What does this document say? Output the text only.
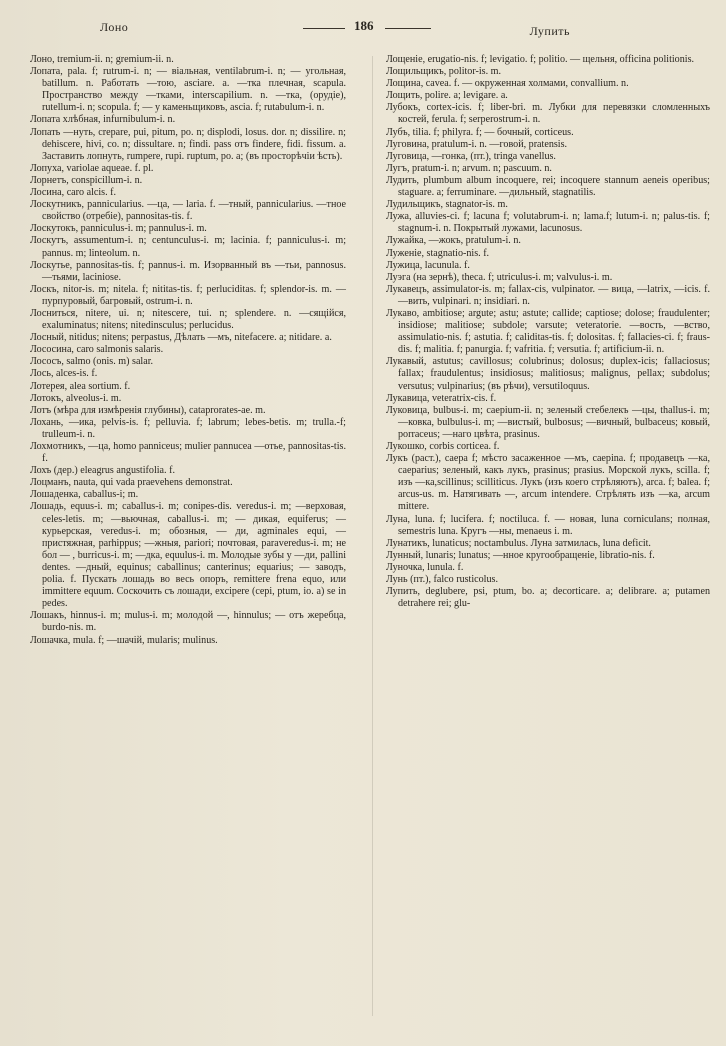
Лоно	186	Лупить
Лоно, tremium-ii. n; gremium-ii. n.
Лопата, pala. f; rutrum-i. n; — віальная, ventilabrum-i. n; — угольная, batillum. n. Работать —тою, asciare. a. —тка плечная, scapula. Пространство между —тками, interscapilium. n. —тка, (орудіе), rutellum-i. n; scopula. f; — у каменьщиковъ, ascia. f; rutabulum-i. n.
Лопата хлѣбная, infurnibulum-i. n.
Лопать —нуть, crepare, pui, pitum, po. n; displodi, losus. dor. n; dissilire. n; dehiscere, hivi, co. n; dissultare. n; findi. pass отъ findere, fidi. fissum. a. Заставить лопнуть, rumpere, rupi. ruptum, po. a; (въ просторѣчіи ѣсть).
Лопуха, variolae aqueae. f. pl.
Лорнетъ, conspicillum-i. n.
Лосина, caro alcis. f.
Лоскутникъ, pannicularius. —ца, — laria. f. —тный, pannicularius. —тное свойство (отребіе), pannositas-tis. f.
Лоскутокъ, panniculus-i. m; pannulus-i. m.
Лоскутъ, assumentum-i. n; centunculus-i. m; lacinia. f; panniculus-i. m; pannus. m; linteolum. n.
Лоскутье, pannositas-tis. f; pannus-i. m. Изорванный въ —тьи, pannosus. —тьями, laciniose.
Лоскъ, nitor-is. m; nitela. f; nititas-tis. f; perluciditas. f; splendor-is. m. —пурпуровый, багровый, ostrum-i. n.
Лосниться, nitere, ui. n; nitescere, tui. n; splendere. n. —сящійся, exaluminatus; nitens; nitedinsculus; perlucidus.
Лосный, nitidus; nitens; perpastus, Дѣлать —мъ, nitefacere. a; nitidare. a.
Лососина, caro salmonis salaris.
Лососъ, salmo (onis. m) salar.
Лось, alces-is. f.
Лотерея, alea sortium. f.
Лотокъ, alveolus-i. m.
Лотъ (мѣра для измѣренія глубины), cataprorates-ae. m.
Лохань, —ика, pelvis-is. f; pelluvia. f; labrum; lebes-betis. m; trulla.-f; trulleum-i. n.
Лохмотникъ, —ца, homo panniceus; mulier pannucea —отье, pannositas-tis. f.
Лохъ (дер.) eleagrus angustifolia. f.
Лоцманъ, nauta, qui vada praevehens demonstrat.
Лошаденка, caballus-i; m.
Лошадь, equus-i. m; caballus-i. m; conipes-dis. veredus-i. m; —верховая, celes-letis. m; —вьючная, caballus-i. m; — дикая, equiferus; — курьерская, veredus-i. m; обозныя, — ди, agminales equi, — пристяжная, parhippus; —жныя, pariori; почтовая, paraveredus-i. m; не бол — , burricus-i. m; —дка, equulus-i. m. Молодые зубы у —ди, pallini dentes. —дный, equinus; caballinus; canterinus; equarius; — заводъ, polia. f. Пускать лошадь во весь опоръ, remittere frena equo, или immittere equum. Соскочить съ лошади, excipere (cepi, ptum, io. a) se in pedes.
Лошакъ, hinnus-i. m; mulus-i. m; молодой —, hinnulus; — отъ жеребца, burdo-nis. m.
Лошачка, mula. f; —шачій, mularis; mulinus.
Лощеніе, erugatio-nis. f; levigatio. f; politio. — щельня, officina politionis.
Лощильщикъ, politor-is. m.
Лощина, cavea. f. — окруженная холмами, convallium. n.
Лощить, polire. a; levigare. a.
Лубокъ, cortex-icis. f; liber-bri. m. Лубки для перевязки сломленныхъ костей, ferula. f; serperostrum-i. n.
Лубъ, tilia. f; philyra. f; — бочный, corticeus.
Луговина, pratulum-i. n. —говой, pratensis.
Луговица, —гонка, (пт.), tringa vanellus.
Лугъ, pratum-i. n; arvum. n; pascuum. n.
Лудить, plumbum album incoquere, rei; incoquere stannum aeneis operibus; staguare. a; ferruminare. —дильный, stagnatilis.
Лудильщикъ, stagnator-is. m.
Лужа, alluvies-ci. f; lacuna f; volutabrum-i. n; lama.f; lutum-i. n; palus-tis. f; stagnum-i. n. Покрытый лужами, lacunosus.
Лужайка, —жокъ, pratulum-i. n.
Луженіе, stagnatio-nis. f.
Лужица, lacunula. f.
Луэга (на зернѣ), theca. f; utriculus-i. m; valvulus-i. m.
Лукавецъ, assimulator-is. m; fallax-cis, vulpinator. — вица, —latrix, —icis. f. —вить, vulpinari. n; insidiari. n.
Лукаво, ambitiose; argute; astu; astute; callide; captiose; dolose; fraudulenter; insidiose; malitiose; subdole; varsute; veteratorie. —вость, —вство, assimulatio-nis. f; astutia. f; caliditas-tis. f; dolositas. f; fallacies-ci. f; fraus-dis. f; malitia. f; panurgia. f; vafritia. f; versutia. f; artificium-ii. n.
Лукавый, astutus; cavillosus; colubrinus; dolosus; duplex-icis; fallaciosus; fallax; fraudulentus; insidiosus; malitiosus; malignus, pellax; subdolus; versutus; vulpinarius; (въ рѣчи), versutiloquus.
Лукавица, veteratrix-cis. f.
Луковица, bulbus-i. m; caepium-ii. n; зеленый стебелекъ —цы, thallus-i. m; —ковка, bulbulus-i. m; —вистый, bulbosus; —вичный, bulbaceus; ковый, porraceus; —наго цвѣта, prasinus.
Лукошко, corbis corticea. f.
Лукъ (раст.), caepa f; мѣсто засаженное —мъ, caepina. f; продавецъ —ка, caeparius; зеленый, какъ лукъ, prasinus; prasius. Морской лукъ, scilla. f; изъ —ка,scillinus; scilliticus. Лукъ (изъ коего стрѣляютъ), arca. f; balea. f; arcus-us. m. Натягивать —, arcum intendere. Стрѣлять изъ —ка, arcum mittere.
Луна, luna. f; lucifera. f; noctiluca. f. — новая, luna corniculans; полная, semestris luna. Кругъ —ны, menaeus i. m.
Лунатикъ, lunaticus; noctambulus. Луна затмилась, luna deficit.
Лунный, lunaris; lunatus; —нное кругообращеніе, libratio-nis. f.
Луночка, lunula. f.
Лунь (пт.), falco rusticolus.
Лупить, deglubere, psi, ptum, bo. a; decorticare. a; delibrare. a; putamen detrahere rei; glu-
